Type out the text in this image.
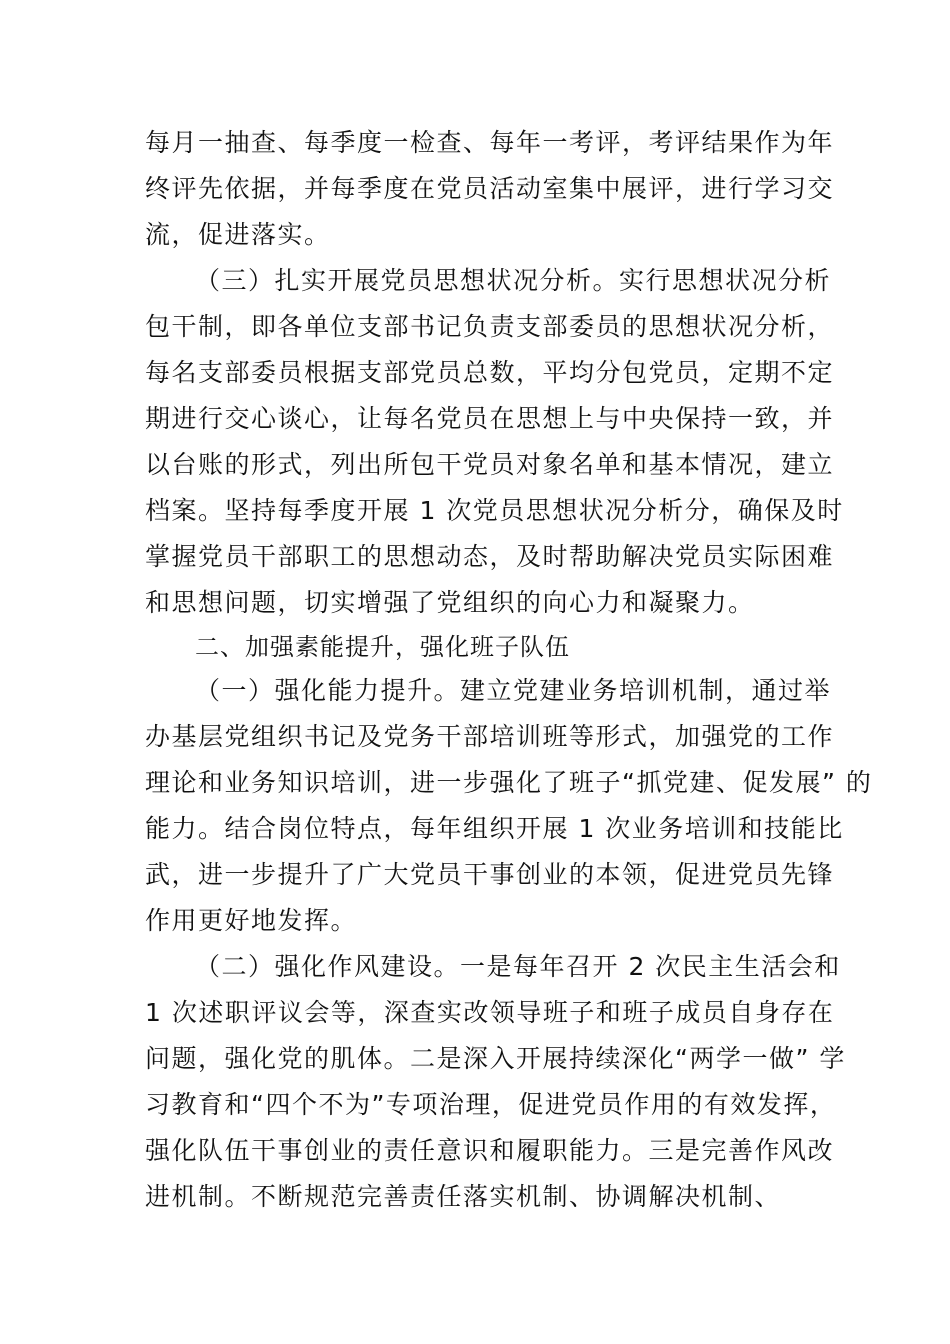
每月一抽查、每季度一检查、每年一考评，考评结果作为年
终评先依据，并每季度在党员活动室集中展评，进行学习交
流，促进落实。
（三）扎实开展党员思想状况分析。实行思想状况分析
包干制，即各单位支部书记负责支部委员的思想状况分析，
每名支部委员根据支部党员总数，平均分包党员，定期不定
期进行交心谈心，让每名党员在思想上与中央保持一致，并
以台账的形式，列出所包干党员对象名单和基本情况，建立
档案。坚持每季度开展 1 次党员思想状况分析分，确保及时
掌握党员干部职工的思想动态，及时帮助解决党员实际困难
和思想问题，切实增强了党组织的向心力和凝聚力。
二、加强素能提升，强化班子队伍
（一）强化能力提升。建立党建业务培训机制，通过举
办基层党组织书记及党务干部培训班等形式，加强党的工作
理论和业务知识培训，进一步强化了班子“抓党建、促发展” 的
能力。结合岗位特点，每年组织开展 1 次业务培训和技能比
武，进一步提升了广大党员干事创业的本领，促进党员先锋
作用更好地发挥。
（二）强化作风建设。一是每年召开 2 次民主生活会和
1 次述职评议会等，深查实改领导班子和班子成员自身存在
问题，强化党的肌体。二是深入开展持续深化“两学一做” 学
习教育和“四个不为”专项治理，促进党员作用的有效发挥，
强化队伍干事创业的责任意识和履职能力。三是完善作风改
进机制。不断规范完善责任落实机制、协调解决机制、
